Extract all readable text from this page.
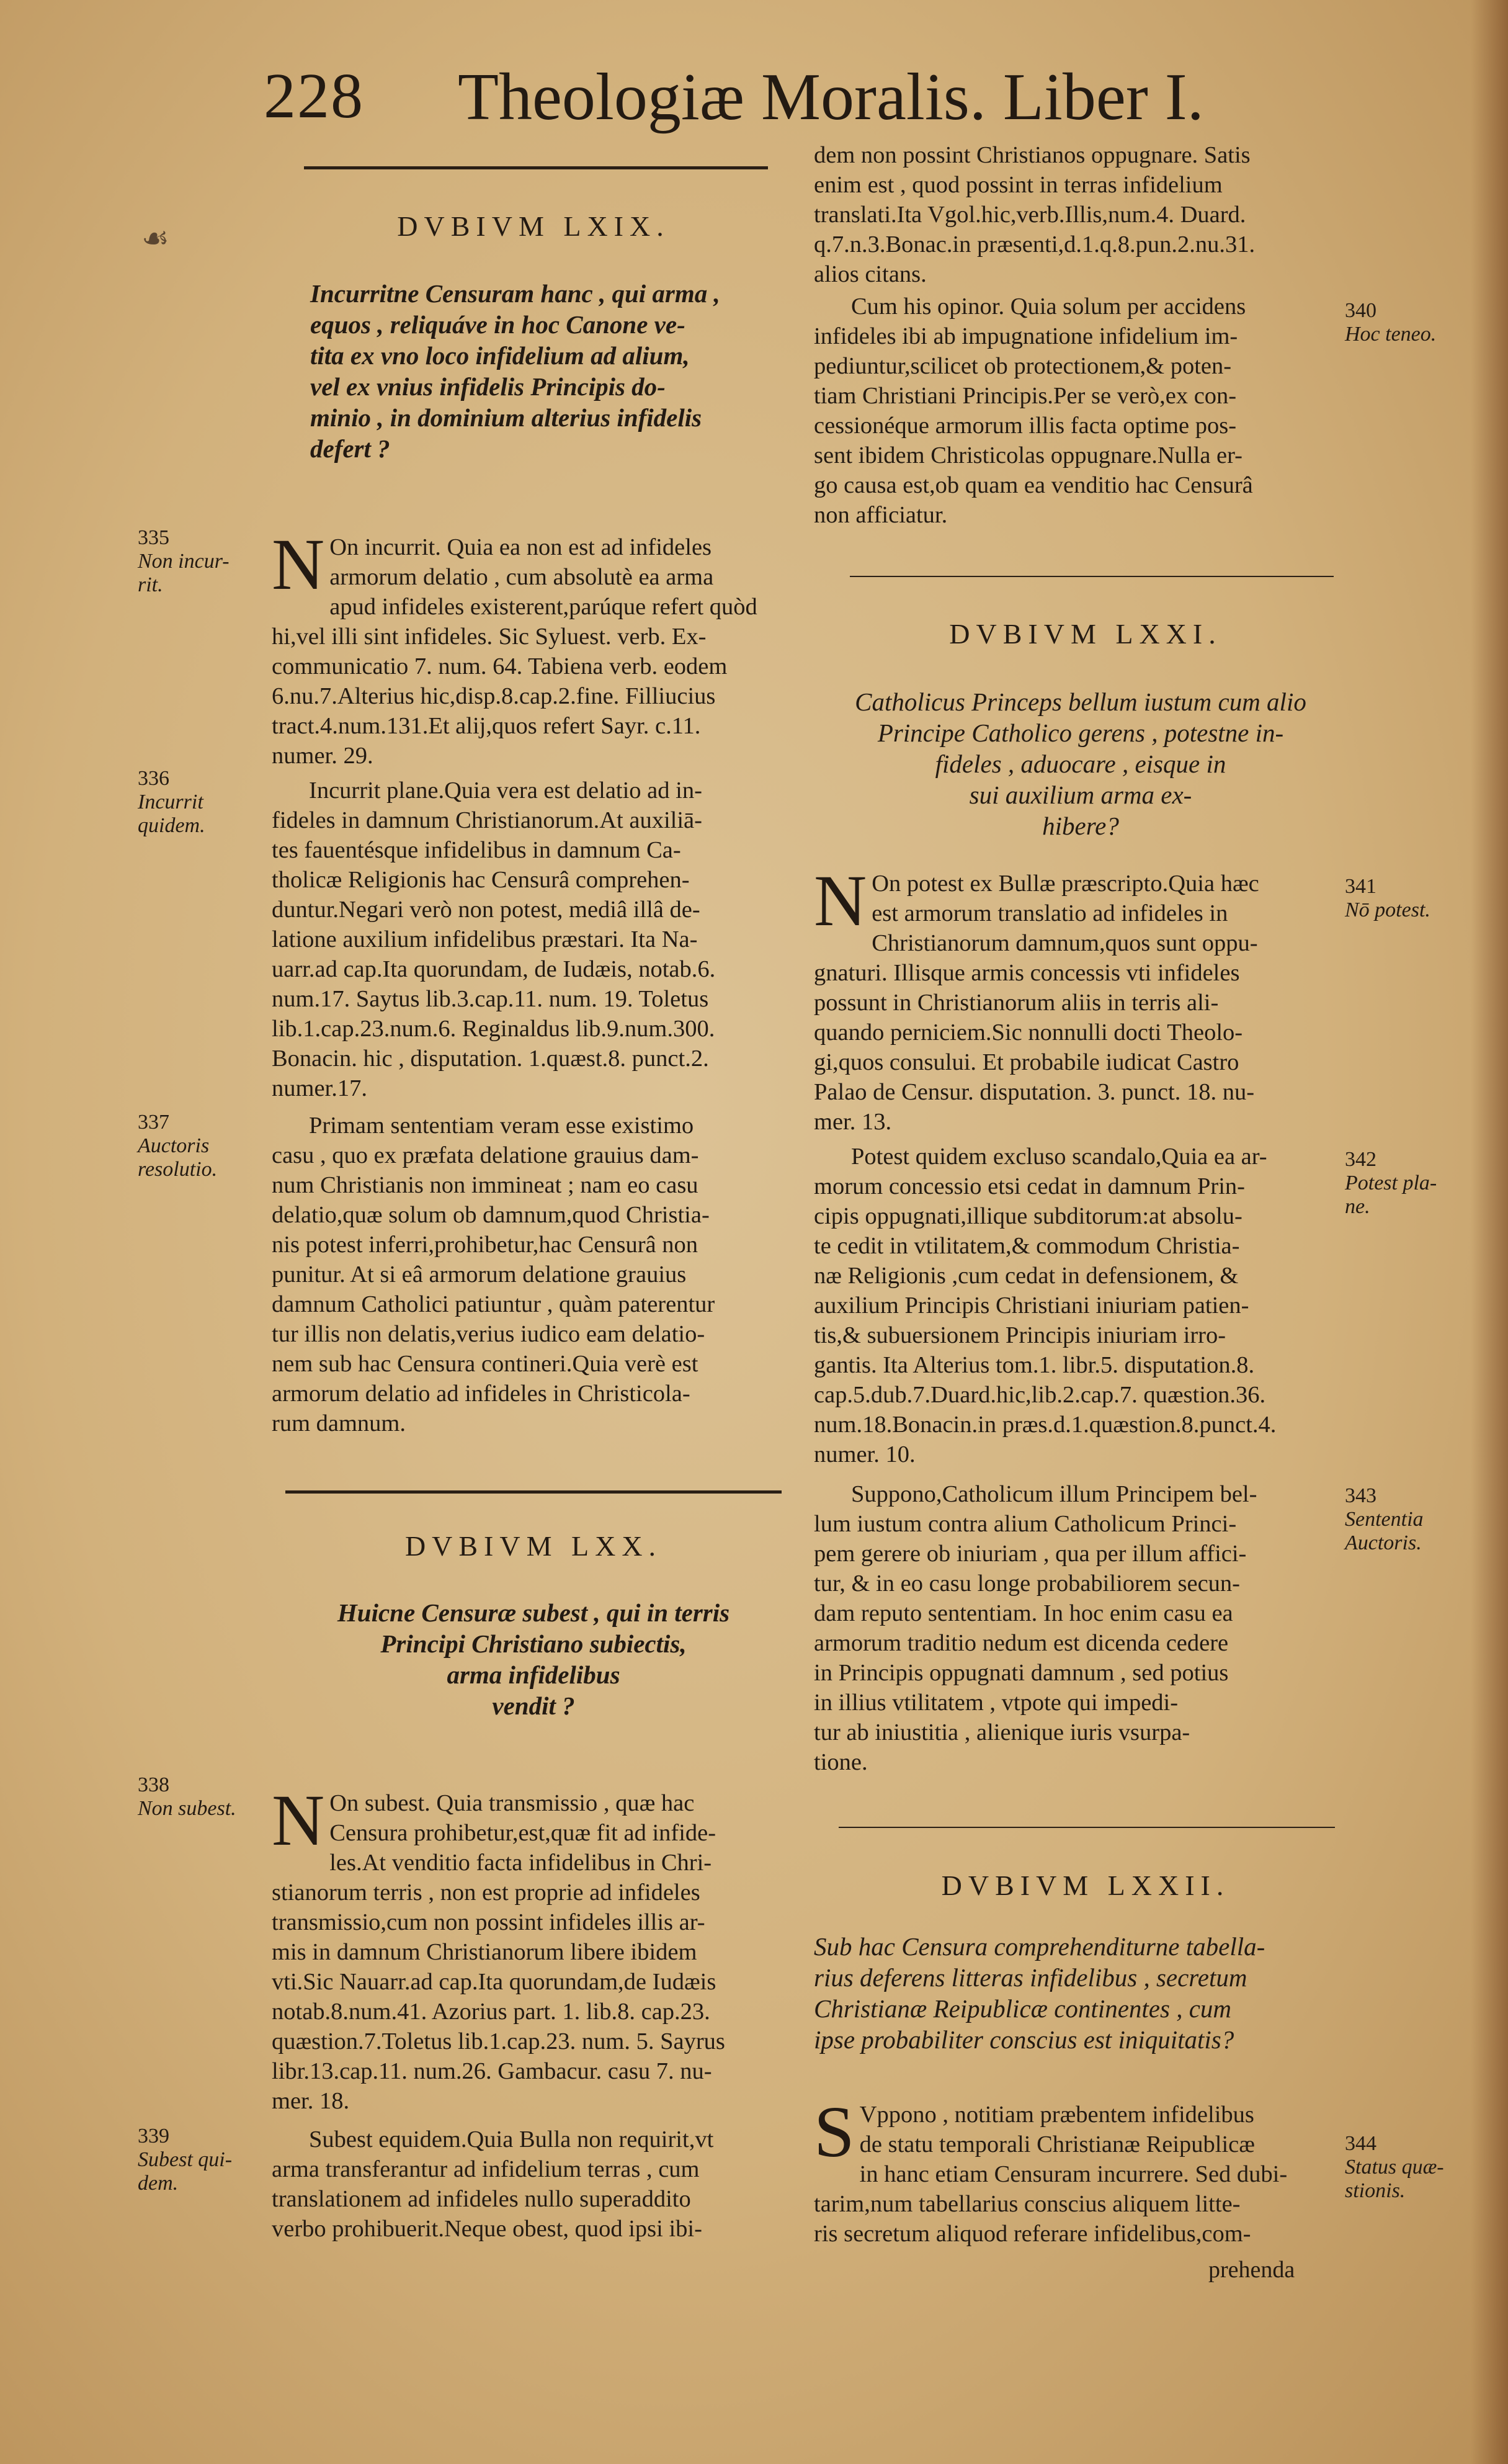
228 Theologiæ Moralis. Liber I.
☙	DVBIVM LXIX.
Incurritne Censuram hanc , qui arma ,
equos , reliquáve in hoc Canone ve-
tita ex vno loco infidelium ad alium,
vel ex vnius infidelis Principis do-
minio , in dominium alterius infidelis
defert ?
N On incurrit. Quia ea non est ad infideles
armorum delatio , cum absolutè ea arma
apud infideles existerent,parúque refert quòd
hi,vel illi sint infideles. Sic Syluest. verb. Ex-
communicatio 7. num. 64. Tabiena verb. eodem
6.nu.7.Alterius hic,disp.8.cap.2.fine. Filliucius
tract.4.num.131.Et alij,quos refert Sayr. c.11.
numer. 29.
Incurrit plane.Quia vera est delatio ad in-
fideles in damnum Christianorum.At auxiliā-
tes fauentésque infidelibus in damnum Ca-
tholicæ Religionis hac Censurâ comprehen-
duntur.Negari verò non potest, mediâ illâ de-
latione auxilium infidelibus præstari. Ita Na-
uarr.ad cap.Ita quorundam, de Iudæis, notab.6.
num.17. Saytus lib.3.cap.11. num. 19. Toletus
lib.1.cap.23.num.6. Reginaldus lib.9.num.300.
Bonacin. hic , disputation. 1.quæst.8. punct.2.
numer.17.
Primam sententiam veram esse existimo
casu , quo ex præfata delatione grauius dam-
num Christianis non immineat ; nam eo casu
delatio,quæ solum ob damnum,quod Christia-
nis potest inferri,prohibetur,hac Censurâ non
punitur. At si eâ armorum delatione grauius
damnum Catholici patiuntur , quàm paterentur
tur illis non delatis,verius iudico eam delatio-
nem sub hac Censura contineri.Quia verè est
armorum delatio ad infideles in Christicola-
rum damnum.
DVBIVM LXX.
Huicne Censuræ subest , qui in terris
Principi Christiano subiectis,
arma infidelibus
vendit ?
N On subest. Quia transmissio , quæ hac
Censura prohibetur,est,quæ fit ad infide-
les.At venditio facta infidelibus in Chri-
stianorum terris , non est proprie ad infideles
transmissio,cum non possint infideles illis ar-
mis in damnum Christianorum libere ibidem
vti.Sic Nauarr.ad cap.Ita quorundam,de Iudæis
notab.8.num.41. Azorius part. 1. lib.8. cap.23.
quæstion.7.Toletus lib.1.cap.23. num. 5. Sayrus
libr.13.cap.11. num.26. Gambacur. casu 7. nu-
mer. 18.
Subest equidem.Quia Bulla non requirit,vt
arma transferantur ad infidelium terras , cum
translationem ad infideles nullo superaddito
verbo prohibuerit.Neque obest, quod ipsi ibi-
dem non possint Christianos oppugnare. Satis
enim est , quod possint in terras infidelium
translati.Ita Vgol.hic,verb.Illis,num.4. Duard.
q.7.n.3.Bonac.in præsenti,d.1.q.8.pun.2.nu.31.
alios citans.
Cum his opinor. Quia solum per accidens
infideles ibi ab impugnatione infidelium im-
pediuntur,scilicet ob protectionem,& poten-
tiam Christiani Principis.Per se verò,ex con-
cessionéque armorum illis facta optime pos-
sent ibidem Christicolas oppugnare.Nulla er-
go causa est,ob quam ea venditio hac Censurâ
non afficiatur.
DVBIVM LXXI.
Catholicus Princeps bellum iustum cum alio
Principe Catholico gerens , potestne in-
fideles , aduocare , eisque in
sui auxilium arma ex-
hibere?
N On potest ex Bullæ præscripto.Quia hæc
est armorum translatio ad infideles in
Christianorum damnum,quos sunt oppu-
gnaturi. Illisque armis concessis vti infideles
possunt in Christianorum aliis in terris ali-
quando perniciem.Sic nonnulli docti Theolo-
gi,quos consului. Et probabile iudicat Castro
Palao de Censur. disputation. 3. punct. 18. nu-
mer. 13.
Potest quidem excluso scandalo,Quia ea ar-
morum concessio etsi cedat in damnum Prin-
cipis oppugnati,illique subditorum:at absolu-
te cedit in vtilitatem,& commodum Christia-
næ Religionis ,cum cedat in defensionem, &
auxilium Principis Christiani iniuriam patien-
tis,& subuersionem Principis iniuriam irro-
gantis. Ita Alterius tom.1. libr.5. disputation.8.
cap.5.dub.7.Duard.hic,lib.2.cap.7. quæstion.36.
num.18.Bonacin.in præs.d.1.quæstion.8.punct.4.
numer. 10.
Suppono,Catholicum illum Principem bel-
lum iustum contra alium Catholicum Princi-
pem gerere ob iniuriam , qua per illum affici-
tur, & in eo casu longe probabiliorem secun-
dam reputo sententiam. In hoc enim casu ea
armorum traditio nedum est dicenda cedere
in Principis oppugnati damnum , sed potius
in illius vtilitatem , vtpote qui impedi-
tur ab iniustitia , alienique iuris vsurpa-
tione.
DVBIVM LXXII.
Sub hac Censura comprehenditurne tabella-
rius deferens litteras infidelibus , secretum
Christianæ Reipublicæ continentes , cum
ipse probabiliter conscius est iniquitatis?
S Vppono , notitiam præbentem infidelibus
de statu temporali Christianæ Reipublicæ
in hanc etiam Censuram incurrere. Sed dubi-
tarim,num tabellarius conscius aliquem litte-
ris secretum aliquod referare infidelibus,com-
prehenda
335
Non incur-
rit.
336
Incurrit
quidem.
337
Auctoris
resolutio.
338
Non subest.
339
Subest qui-
dem.
340
Hoc teneo.
341
Nō potest.
342
Potest pla-
ne.
343
Sententia
Auctoris.
344
Status quæ-
stionis.
